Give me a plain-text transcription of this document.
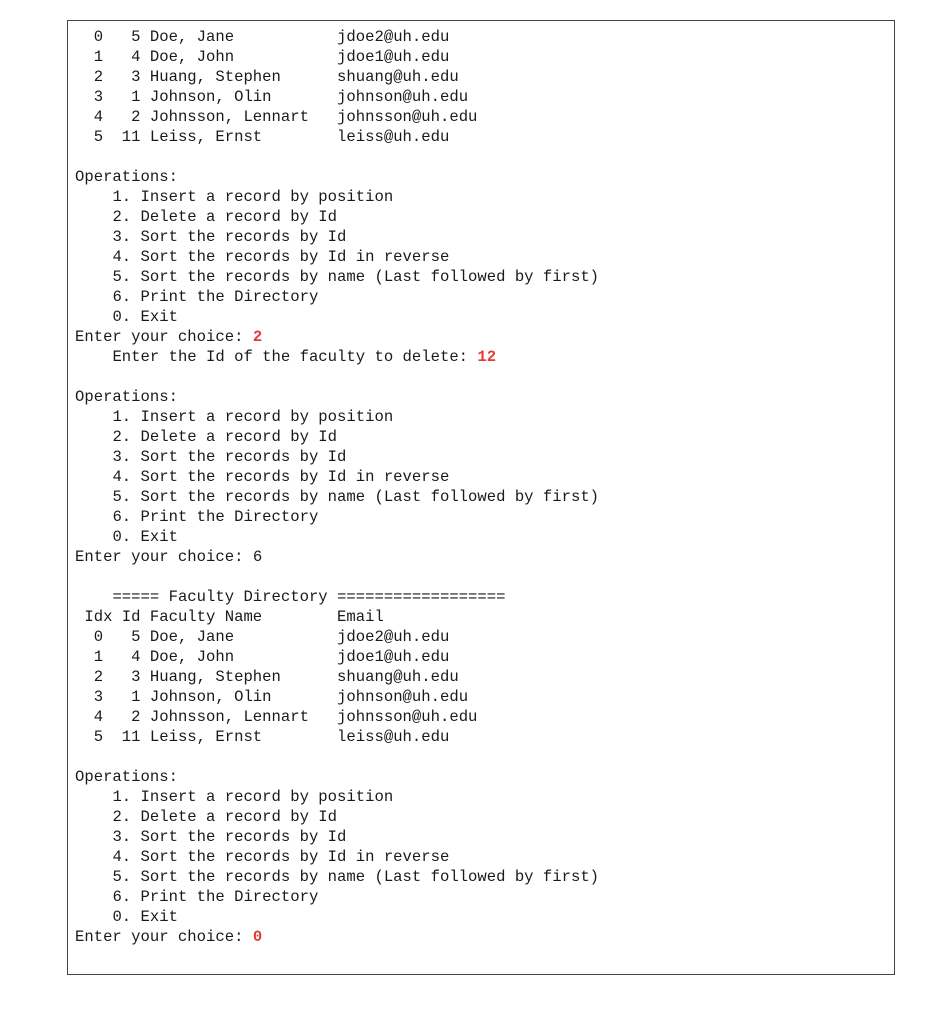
0 5 Doe, Jane	jdoe2@uh.edu
1 4 Doe, John	jdoe1@uh.edu
2 3 Huang, Stephen	shuang@uh.edu
3 1 Johnson, Olin	johnson@uh.edu
4 2 Johnsson, Lennart johnsson@uh.edu
5 11 Leiss, Ernst	leiss@uh.edu
Operations:
1. Insert a record by position
2. Delete a record by Id
3. Sort the records by Id
4. Sort the records by Id in reverse
5. Sort the records by name (Last followed by first)
6. Print the Directory
0. Exit
Enter your choice: 2
Enter the Id of the faculty to delete: 12
Operations:
1. Insert a record by position
2. Delete a record by Id
3. Sort the records by Id
4. Sort the records by Id in reverse
5. Sort the records by name (Last followed by first)
6. Print the Directory
0. Exit
Enter your choice: 6
===== Faculty Directory ==================
Idx Id Faculty Name	Email
0 5 Doe, Jane	jdoe2@uh.edu
1 4 Doe, John	jdoe1@uh.edu
2 3 Huang, Stephen	shuang@uh.edu
3 1 Johnson, Olin	johnson@uh.edu
4 2 Johnsson, Lennart johnsson@uh.edu
5 11 Leiss, Ernst	leiss@uh.edu
Operations:
1. Insert a record by position
2. Delete a record by Id
3. Sort the records by Id
4. Sort the records by Id in reverse
5. Sort the records by name (Last followed by first)
6. Print the Directory
0. Exit
Enter your choice: 0
